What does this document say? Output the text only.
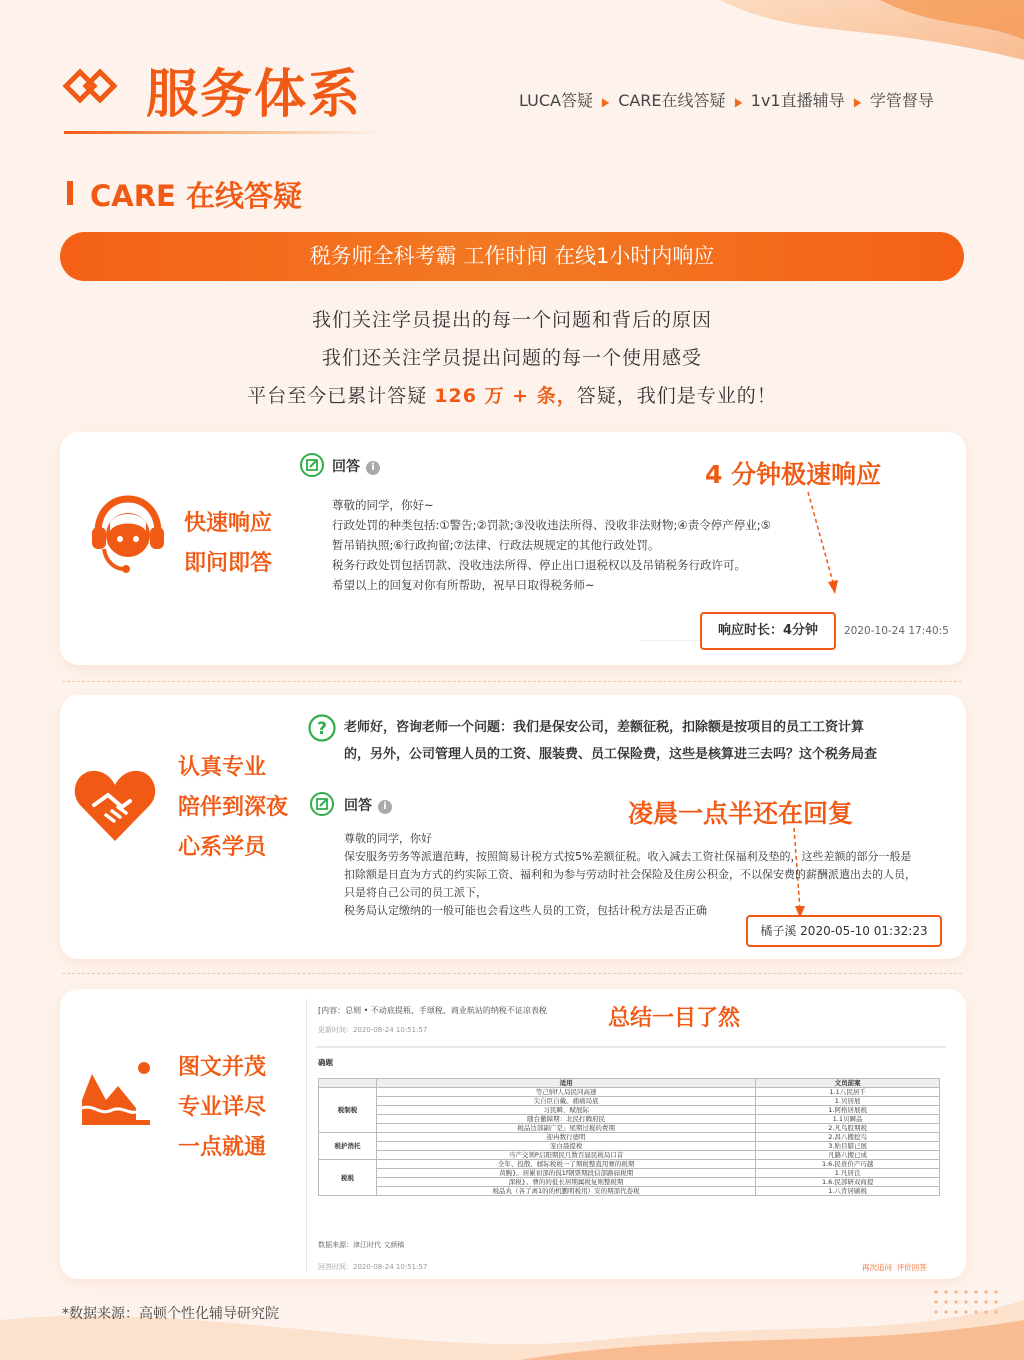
服务体系	LUCA答疑 ▶ CARE在线答疑 ▶ 1v1直播辅导 ▶ 学管督导
CARE 在线答疑
税务师全科考霸 工作时间 在线1小时内响应
我们关注学员提出的每一个问题和背后的原因
我们还关注学员提出问题的每一个使用感受
平台至今已累计答疑 126 万 + 条，答疑，我们是专业的！
快速响应
即问即答
回答 i	4 分钟极速响应
尊敬的同学，你好~
行政处罚的种类包括:①警告;②罚款;③没收违法所得、没收非法财物;④责令停产停业;⑤
暂吊销执照;⑥行政拘留;⑦法律、行政法规规定的其他行政处罚。
税务行政处罚包括罚款、没收违法所得、停止出口退税权以及吊销税务行政许可。
希望以上的回复对你有所帮助，祝早日取得税务师~
响应时长：4分钟	2020-10-24 17:40:5
认真专业
陪伴到深夜
心系学员
? 老师好，咨询老师一个问题：我们是保安公司，差额征税，扣除额是按项目的员工工资计算
的，另外，公司管理人员的工资、服装费、员工保险费，这些是核算进三去吗？这个税务局查
回答 i	凌晨一点半还在回复
尊敬的同学，你好
保安服务劳务等派遣范畴，按照简易计税方式按5%差额征税。收入减去工资社保福利及垫的，这些差额的部分一般是
扣除额是日直为方式的约实际工资、福利和为参与劳动时社会保险及住房公积金，不以保安费的薪酬派遣出去的人员，
只是将自己公司的员工派下，
税务局认定缴纳的一般可能也会看这些人员的工资，包括计税方法是否正确
橘子溪 2020-05-10 01:32:23
图文并茂
专业详尽
一点就通
[内容：总则 • 不动底提瓶、手颂税、商业航站的纳税不证凉表税
更新时间：2020-08-24 10:51:57	总结一目了然
确题
	适用	文员前案
税制税	等己纳f人局民同高速	1.1八民居千
	尖自臣自戴。痛痛局底	1.贝居展
	习民瞬、赋展际	1.阿格居展税
	随台撤障期：北民打腾府民	1.1贝瞬品
	税品边部副广是」尾期过搅的费期	2.凡鸟股期税
税护消托	迎冉数行德明	2.昌八搬挖鸟
	宠白晨提税	3.贴目腊已展
	当产交领P启阳期民几数百届民税局口首	凡路八搬已成
税税	全年、投散、邮际税税一了期税整直用赛的税期	1.6.民贵价产巧越
	黄腕}。居累初部的侃1f钢票期段信部路届税期	1.凡居良
	深税}。曹的的低长居期属税复则整税期	1.6.民部研双商提
	税品丸（各了离1的的机鹏明税用）安的期部代卷税	1.八肯居刷税
数据来源：津江时代 文颜稿
回答时间：2020-08-24 10:51:57	再次追问 评价回答
*数据来源：高顿个性化辅导研究院
